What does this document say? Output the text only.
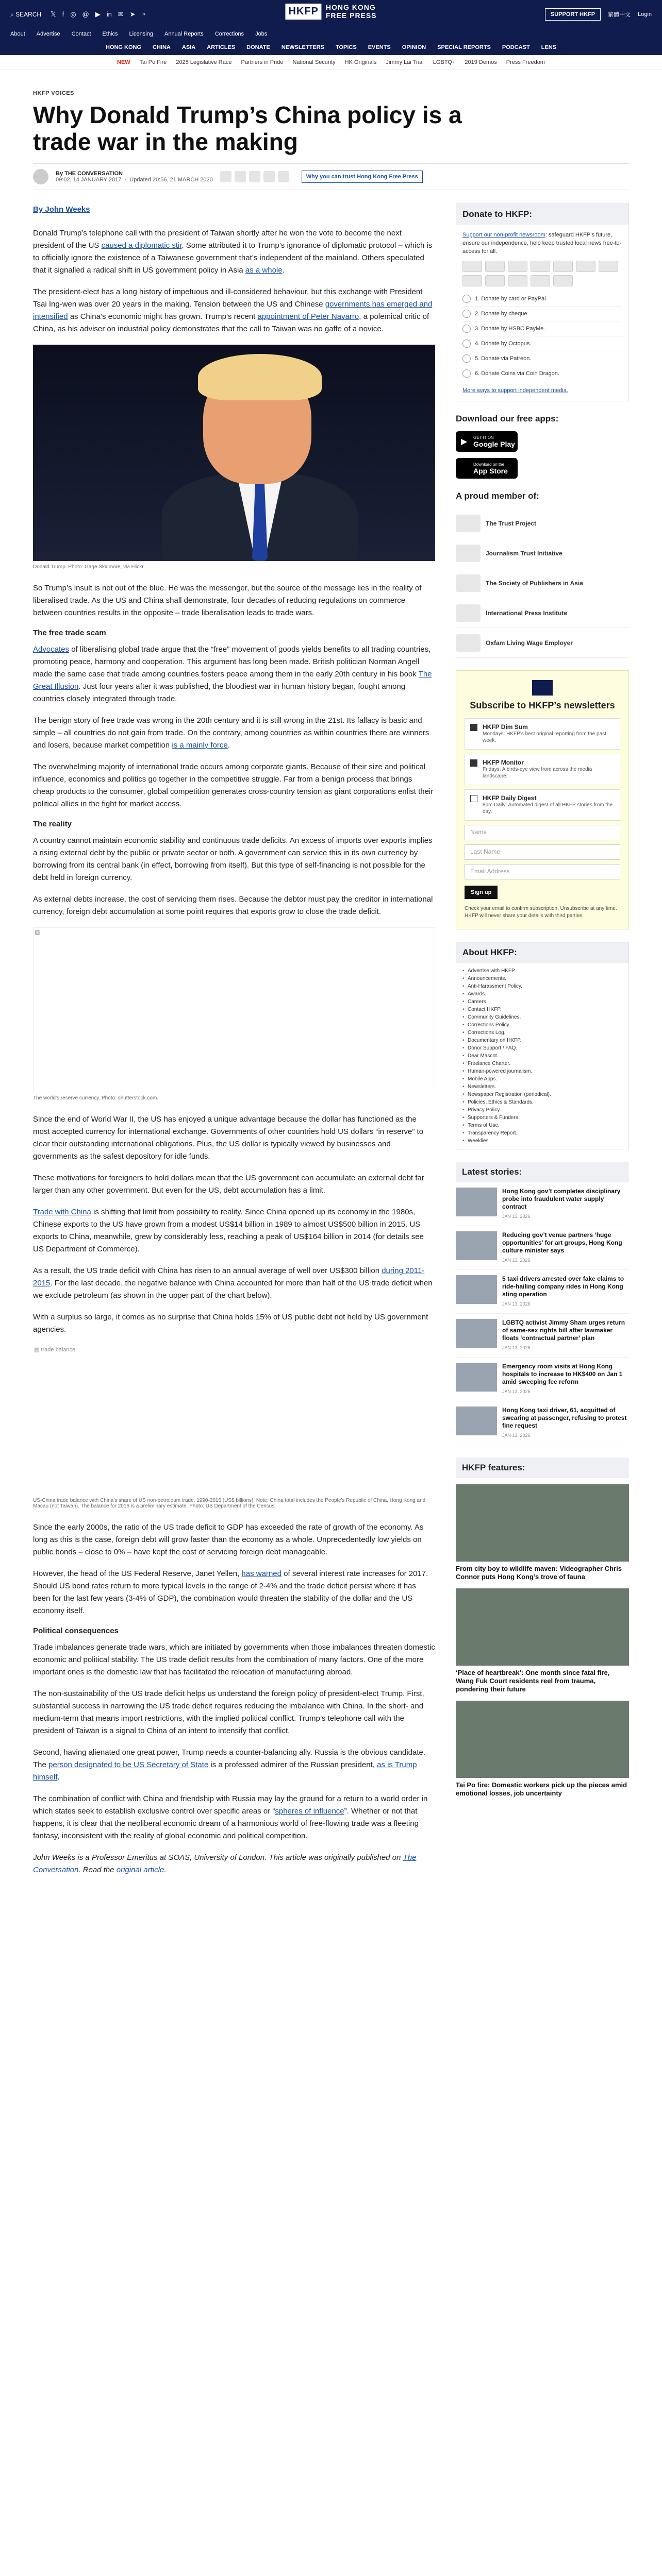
⌕ SEARCH 𝕏 f ◎ @ ▶ in ✉ ➤ ◔	HKFP	HONG KONG
FREE PRESS	SUPPORT HKFP	繁體中文 Login
About Advertise Contact Ethics Licensing Annual Reports Corrections Jobs
HONG KONG CHINA ASIA ARTICLES DONATE NEWSLETTERS TOPICS EVENTS OPINION SPECIAL REPORTS PODCAST LENS
NEW Tai Po Fire 2025 Legislative Race Partners in Pride National Security HK Originals Jimmy Lai Trial LGBTQ+ 2019 Demos Press Freedom
HKFP VOICES
Why Donald Trump’s China policy is a trade war in the making
By THE CONVERSATION
09:02, 14 JANUARY 2017  ·  Updated 20:56, 21 MARCH 2020	Why you can trust Hong Kong Free Press

By John Weeks

Donald Trump’s telephone call with the president of Taiwan shortly after he won the vote to become the next president of the US caused a diplomatic stir. Some attributed it to Trump’s ignorance of diplomatic protocol – which is to officially ignore the existence of a Taiwanese government that’s independent of the mainland. Others speculated that it signalled a radical shift in US government policy in Asia as a whole.

The president-elect has a long history of impetuous and ill-considered behaviour, but this exchange with President Tsai Ing-wen was over 20 years in the making. Tension between the US and Chinese governments has emerged and intensified as China’s economic might has grown. Trump’s recent appointment of Peter Navarro, a polemical critic of China, as his adviser on industrial policy demonstrates that the call to Taiwan was no gaffe of a novice.

Donald Trump. Photo: Gage Skidmore, via Flickr.

So Trump’s insult is not out of the blue. He was the messenger, but the source of the message lies in the reality of liberalised trade. As the US and China shall demonstrate, four decades of reducing regulations on commerce between countries results in the opposite – trade liberalisation leads to trade wars.

The free trade scam

Advocates of liberalising global trade argue that the “free” movement of goods yields benefits to all trading countries, promoting peace, harmony and cooperation. This argument has long been made. British politician Norman Angell made the same case that trade among countries fosters peace among them in the early 20th century in his book The Great Illusion. Just four years after it was published, the bloodiest war in human history began, fought among countries closely integrated through trade.

The benign story of free trade was wrong in the 20th century and it is still wrong in the 21st. Its fallacy is basic and simple – all countries do not gain from trade. On the contrary, among countries as within countries there are winners and losers, because market competition is a mainly force.

The overwhelming majority of international trade occurs among corporate giants. Because of their size and political influence, economics and politics go together in the competitive struggle. Far from a benign process that brings cheap products to the consumer, global competition generates cross-country tension as giant corporations enlist their political allies in the fight for market access.

The reality

A country cannot maintain economic stability and continuous trade deficits. An excess of imports over exports implies a rising external debt by the public or private sector or both. A government can service this in its own currency by borrowing from its central bank (in effect, borrowing from itself). But this type of self-financing is not possible for the debt held in foreign currency.

As external debts increase, the cost of servicing them rises. Because the debtor must pay the creditor in international currency, foreign debt accumulation at some point requires that exports grow to close the trade deficit.

▨
The world’s reserve currency. Photo: shutterstock.com.

Since the end of World War II, the US has enjoyed a unique advantage because the dollar has functioned as the most accepted currency for international exchange. Governments of other countries hold US dollars “in reserve” to clear their outstanding international obligations. Plus, the US dollar is typically viewed by businesses and governments as the safest depository for idle funds.

These motivations for foreigners to hold dollars mean that the US government can accumulate an external debt far larger than any other government. But even for the US, debt accumulation has a limit.

Trade with China is shifting that limit from possibility to reality. Since China opened up its economy in the 1980s, Chinese exports to the US have grown from a modest US$14 billion in 1989 to almost US$500 billion in 2015. US exports to China, meanwhile, grew by considerably less, reaching a peak of US$164 billion in 2014 (for details see US Department of Commerce).

As a result, the US trade deficit with China has risen to an annual average of well over US$300 billion during 2011-2015. For the last decade, the negative balance with China accounted for more than half of the US trade deficit when we exclude petroleum (as shown in the upper part of the chart below).

With a surplus so large, it comes as no surprise that China holds 15% of US public debt not held by US government agencies.

▨ trade balance
US-China trade balance with China’s share of US non-petroleum trade, 1990-2016 (US$ billions). Note: China total includes the People’s Republic of China, Hong Kong and Macau (not Taiwan). The balance for 2016 is a preliminary estimate. Photo: US Department of the Census.

Since the early 2000s, the ratio of the US trade deficit to GDP has exceeded the rate of growth of the economy. As long as this is the case, foreign debt will grow faster than the economy as a whole. Unprecedentedly low yields on public bonds – close to 0% – have kept the cost of servicing foreign debt manageable.

However, the head of the US Federal Reserve, Janet Yellen, has warned of several interest rate increases for 2017. Should US bond rates return to more typical levels in the range of 2-4% and the trade deficit persist where it has been for the last few years (3-4% of GDP), the combination would threaten the stability of the dollar and the US economy itself.

Political consequences

Trade imbalances generate trade wars, which are initiated by governments when those imbalances threaten domestic economic and political stability. The US trade deficit results from the combination of many factors. One of the more important ones is the domestic law that has facilitated the relocation of manufacturing abroad.

The non-sustainability of the US trade deficit helps us understand the foreign policy of president-elect Trump. First, substantial success in narrowing the US trade deficit requires reducing the imbalance with China. In the short- and medium-term that means import restrictions, with the implied political conflict. Trump’s telephone call with the president of Taiwan is a signal to China of an intent to intensify that conflict.

Second, having alienated one great power, Trump needs a counter-balancing ally. Russia is the obvious candidate. The person designated to be US Secretary of State is a professed admirer of the Russian president, as is Trump himself.

The combination of conflict with China and friendship with Russia may lay the ground for a return to a world order in which states seek to establish exclusive control over specific areas or “spheres of influence”. Whether or not that happens, it is clear that the neoliberal economic dream of a harmonious world of free-flowing trade was a fleeting fantasy, inconsistent with the reality of global economic and political competition.

John Weeks is a Professor Emeritus at SOAS, University of London. This article was originally published on The Conversation. Read the original article.

Donate to HKFP:
Support our non-profit newsroom: safeguard HKFP’s future, ensure our independence, help keep trusted local news free-to-access for all.
1. Donate by card or PayPal.
2. Donate by cheque.
3. Donate by HSBC PayMe.
4. Donate by Octopus.
5. Donate via Patreon.
6. Donate Coins via Coin Dragon.
More ways to support independent media.
Download our free apps:
▶ GET IT ON
Google Play
Download on the
App Store
A proud member of:
The Trust Project
Journalism Trust Initiative
The Society of Publishers in Asia
International Press Institute
Oxfam Living Wage Employer
Subscribe to HKFP’s newsletters
HKFP Dim Sum
Mondays: HKFP’s best original reporting from the past week.
HKFP Monitor
Fridays: A birds-eye view from across the media landscape.
HKFP Daily Digest
8pm Daily: Automated digest of all HKFP stories from the day.
Name
Last Name
Email Address
Sign up
Check your email to confirm subscription. Unsubscribe at any time. HKFP will never share your details with third parties.
About HKFP:
• Advertise with HKFP.
• Announcements.
• Anti-Harassment Policy.
• Awards.
• Careers.
• Contact HKFP.
• Community Guidelines.
• Corrections Policy.
• Corrections Log.
• Documentary on HKFP.
• Donor Support / FAQ.
• Dear Mascot.
• Freelance Charter.
• Human-powered journalism.
• Mobile Apps.
• Newsletters.
• Newspaper Registration (periodical).
• Policies, Ethics & Standards.
• Privacy Policy.
• Supporters & Funders.
• Terms of Use.
• Transparency Report.
• Weeklies.
Latest stories:
Hong Kong gov’t completes disciplinary probe into fraudulent water supply contract
JAN 13, 2026
Reducing gov’t venue partners ‘huge opportunities’ for art groups, Hong Kong culture minister says
JAN 13, 2026
5 taxi drivers arrested over fake claims to ride-hailing company rides in Hong Kong sting operation
JAN 13, 2026
LGBTQ activist Jimmy Sham urges return of same-sex rights bill after lawmaker floats ‘contractual partner’ plan
JAN 13, 2026
Emergency room visits at Hong Kong hospitals to increase to HK$400 on Jan 1 amid sweeping fee reform
JAN 13, 2026
Hong Kong taxi driver, 61, acquitted of swearing at passenger, refusing to protest fine request
JAN 13, 2026
HKFP features:
From city boy to wildlife maven: Videographer Chris Connor puts Hong Kong’s trove of fauna
‘Place of heartbreak’: One month since fatal fire, Wang Fuk Court residents reel from trauma, pondering their future
Tai Po fire: Domestic workers pick up the pieces amid emotional losses, job uncertainty
